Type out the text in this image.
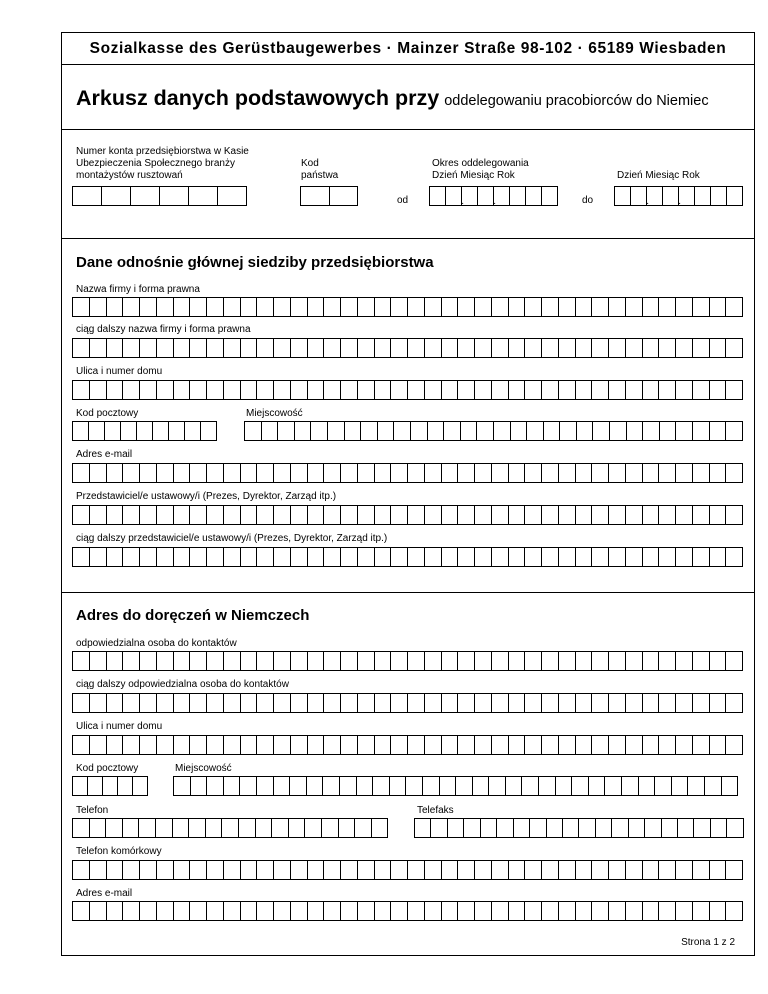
Sozialkasse des Gerüstbaugewerbes · Mainzer Straße 98-102 · 65189 Wiesbaden
Arkusz danych podstawowych przy oddelegowaniu pracobiorców do Niemiec
Numer konta przedsiębiorstwa w Kasie
Ubezpieczenia Społecznego branży
montażystów rusztowań
Kod
państwa
Okres oddelegowania
Dzień Miesiąc Rok	Dzień Miesiąc Rok
od	.	.	do	.	.
Dane odnośnie głównej siedziby przedsiębiorstwa
Nazwa firmy i forma prawna
ciąg dalszy nazwa firmy i forma prawna
Ulica i numer domu
Kod pocztowy	Miejscowość
Adres e-mail
Przedstawiciel/e ustawowy/i (Prezes, Dyrektor, Zarząd itp.)
ciąg dalszy przedstawiciel/e ustawowy/i (Prezes, Dyrektor, Zarząd itp.)
Adres do doręczeń w Niemczech
odpowiedzialna osoba do kontaktów
ciąg dalszy odpowiedzialna osoba do kontaktów
Ulica i numer domu
Kod pocztowy	Miejscowość
Telefon	Telefaks
Telefon komórkowy
Adres e-mail
Strona 1 z 2
